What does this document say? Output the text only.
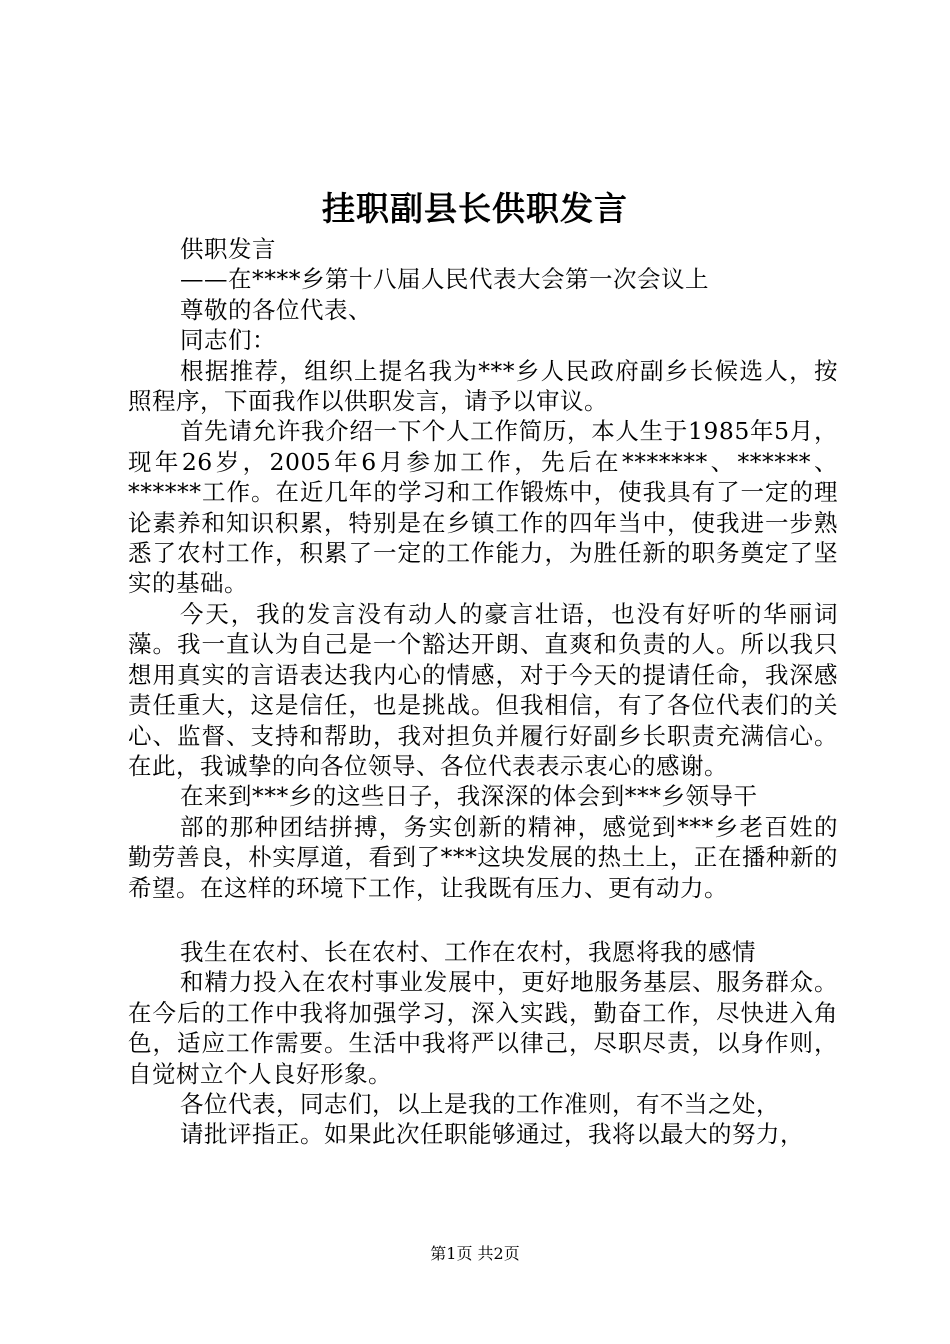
挂职副县长供职发言

供职发言

——在****乡第十八届人民代表大会第一次会议上

尊敬的各位代表、

同志们：

根据推荐，组织上提名我为***乡人民政府副乡长候选人，按照程序，下面我作以供职发言，请予以审议。

首先请允许我介绍一下个人工作简历，本人生于1985年5月，现年26岁，2005年6月参加工作，先后在*******、******、******工作。在近几年的学习和工作锻炼中，使我具有了一定的理论素养和知识积累，特别是在乡镇工作的四年当中，使我进一步熟悉了农村工作，积累了一定的工作能力，为胜任新的职务奠定了坚实的基础。

今天，我的发言没有动人的豪言壮语，也没有好听的华丽词藻。我一直认为自己是一个豁达开朗、直爽和负责的人。所以我只想用真实的言语表达我内心的情感，对于今天的提请任命，我深感责任重大，这是信任，也是挑战。但我相信，有了各位代表们的关心、监督、支持和帮助，我对担负并履行好副乡长职责充满信心。在此，我诚挚的向各位领导、各位代表表示衷心的感谢。

在来到***乡的这些日子，我深深的体会到***乡领导干

部的那种团结拼搏，务实创新的精神，感觉到***乡老百姓的勤劳善良，朴实厚道，看到了***这块发展的热土上，正在播种新的希望。在这样的环境下工作，让我既有压力、更有动力。

我生在农村、长在农村、工作在农村，我愿将我的感情

和精力投入在农村事业发展中，更好地服务基层、服务群众。在今后的工作中我将加强学习，深入实践，勤奋工作，尽快进入角色，适应工作需要。生活中我将严以律己，尽职尽责，以身作则，自觉树立个人良好形象。

各位代表，同志们，以上是我的工作准则，有不当之处，

请批评指正。如果此次任职能够通过，我将以最大的努力，

第1页 共2页
